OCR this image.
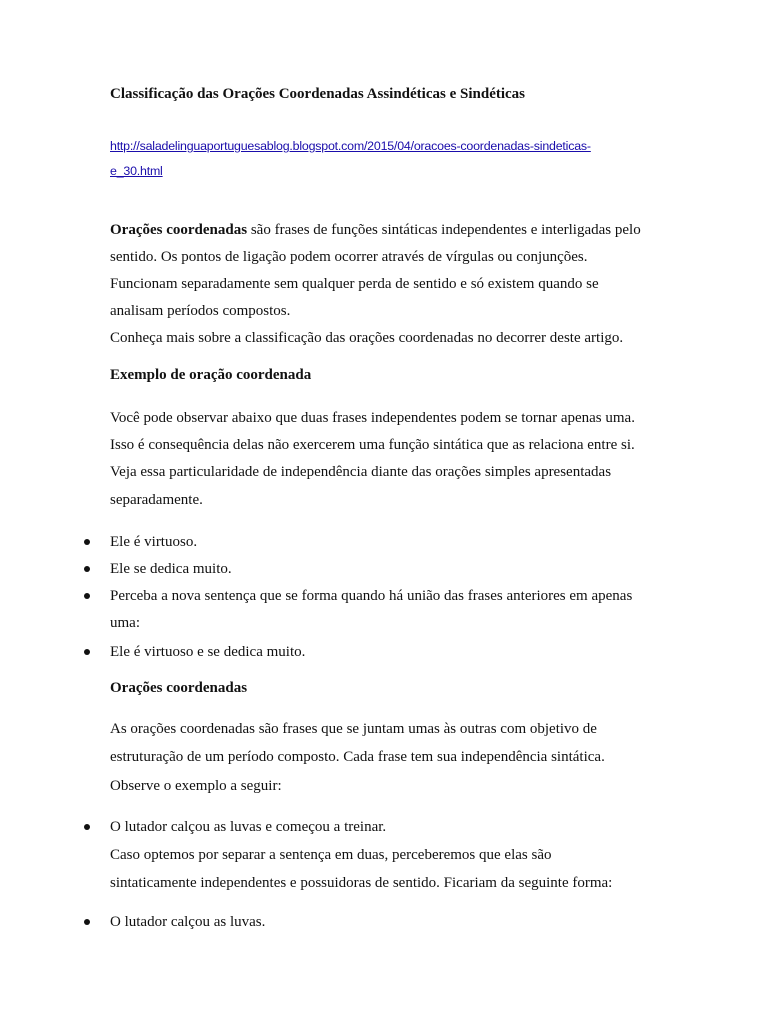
Classificação das Orações Coordenadas Assindéticas e Sindéticas
http://saladelinguaportuguesablog.blogspot.com/2015/04/oracoes-coordenadas-sindeticas-
e_30.html
Orações coordenadas são frases de funções sintáticas independentes e interligadas pelo
sentido. Os pontos de ligação podem ocorrer através de vírgulas ou conjunções.
Funcionam separadamente sem qualquer perda de sentido e só existem quando se
analisam períodos compostos.
Conheça mais sobre a classificação das orações coordenadas no decorrer deste artigo.
Exemplo de oração coordenada
Você pode observar abaixo que duas frases independentes podem se tornar apenas uma.
Isso é consequência delas não exercerem uma função sintática que as relaciona entre si.
Veja essa particularidade de independência diante das orações simples apresentadas
separadamente.
Ele é virtuoso.
Ele se dedica muito.
Perceba a nova sentença que se forma quando há união das frases anteriores em apenas
uma:
Ele é virtuoso e se dedica muito.
Orações coordenadas
As orações coordenadas são frases que se juntam umas às outras com objetivo de
estruturação de um período composto. Cada frase tem sua independência sintática.
Observe o exemplo a seguir:
O lutador calçou as luvas e começou a treinar.
Caso optemos por separar a sentença em duas, perceberemos que elas são
sintaticamente independentes e possuidoras de sentido. Ficariam da seguinte forma:
O lutador calçou as luvas.
